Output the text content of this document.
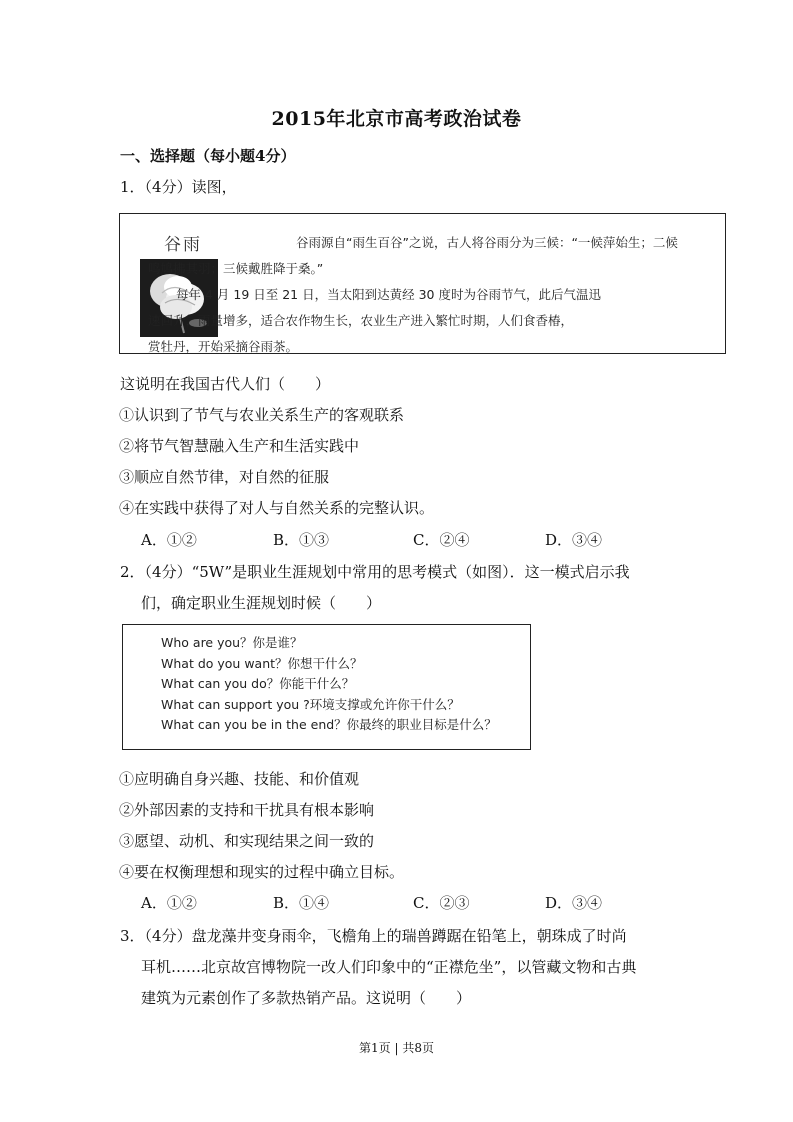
2015年北京市高考政治试卷
一、选择题（每小题4分）
1．（4分）读图，
谷雨	谷雨源自“雨生百谷”之说，古人将谷雨分为三候：“一候萍始生；二候

鸣鸠拂其羽；三候戴胜降于桑。”

每年 4 月 19 日至 21 日，当太阳到达黄经 30 度时为谷雨节气，此后气温迅

速回升，雨量增多，适合农作物生长，农业生产进入繁忙时期，人们食香椿，

赏牡丹，开始采摘谷雨茶。

这说明在我国古代人们（　　）
①认识到了节气与农业关系生产的客观联系
②将节气智慧融入生产和生活实践中
③顺应自然节律，对自然的征服
④在实践中获得了对人与自然关系的完整认识。
A．①②	B．①③	C．②④	D．③④
2．（4分）“5W”是职业生涯规划中常用的思考模式（如图）．这一模式启示我
们，确定职业生涯规划时候（　　）
Who are you？你是谁？
What do you want？你想干什么？
What can you do？你能干什么？
What can support you ?环境支撑或允许你干什么？
What can you be in the end？你最终的职业目标是什么？
①应明确自身兴趣、技能、和价值观
②外部因素的支持和干扰具有根本影响
③愿望、动机、和实现结果之间一致的
④要在权衡理想和现实的过程中确立目标。
A．①②	B．①④	C．②③	D．③④
3．（4分）盘龙藻井变身雨伞，飞檐角上的瑞兽蹲踞在铅笔上，朝珠成了时尚
耳机……北京故宫博物院一改人们印象中的“正襟危坐”，以管藏文物和古典
建筑为元素创作了多款热销产品。这说明（　　）
第1页 | 共8页
